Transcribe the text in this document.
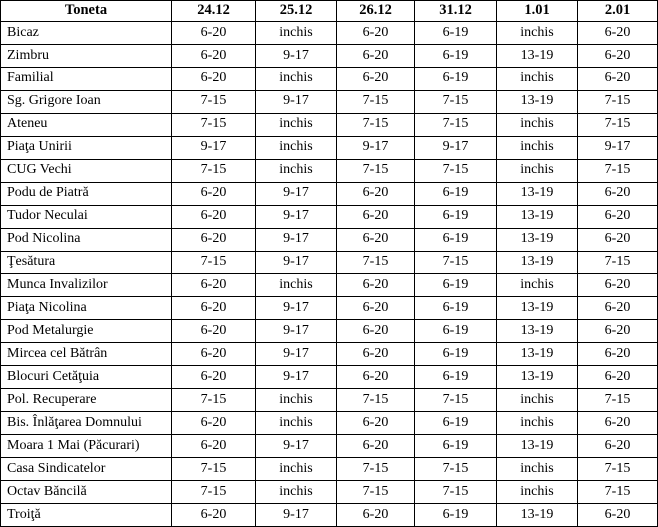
Toneta	24.12	25.12	26.12	31.12	1.01	2.01
Bicaz	6-20	inchis	6-20	6-19	inchis	6-20
Zimbru	6-20	9-17	6-20	6-19	13-19	6-20
Familial	6-20	inchis	6-20	6-19	inchis	6-20
Sg. Grigore Ioan	7-15	9-17	7-15	7-15	13-19	7-15
Ateneu	7-15	inchis	7-15	7-15	inchis	7-15
Piaţa Unirii	9-17	inchis	9-17	9-17	inchis	9-17
CUG Vechi	7-15	inchis	7-15	7-15	inchis	7-15
Podu de Piatră	6-20	9-17	6-20	6-19	13-19	6-20
Tudor Neculai	6-20	9-17	6-20	6-19	13-19	6-20
Pod Nicolina	6-20	9-17	6-20	6-19	13-19	6-20
Ţesătura	7-15	9-17	7-15	7-15	13-19	7-15
Munca Invalizilor	6-20	inchis	6-20	6-19	inchis	6-20
Piaţa Nicolina	6-20	9-17	6-20	6-19	13-19	6-20
Pod Metalurgie	6-20	9-17	6-20	6-19	13-19	6-20
Mircea cel Bătrân	6-20	9-17	6-20	6-19	13-19	6-20
Blocuri Cetăţuia	6-20	9-17	6-20	6-19	13-19	6-20
Pol. Recuperare	7-15	inchis	7-15	7-15	inchis	7-15
Bis. Înlăţarea Domnului	6-20	inchis	6-20	6-19	inchis	6-20
Moara 1 Mai (Păcurari)	6-20	9-17	6-20	6-19	13-19	6-20
Casa Sindicatelor	7-15	inchis	7-15	7-15	inchis	7-15
Octav Băncilă	7-15	inchis	7-15	7-15	inchis	7-15
Troiţă	6-20	9-17	6-20	6-19	13-19	6-20
